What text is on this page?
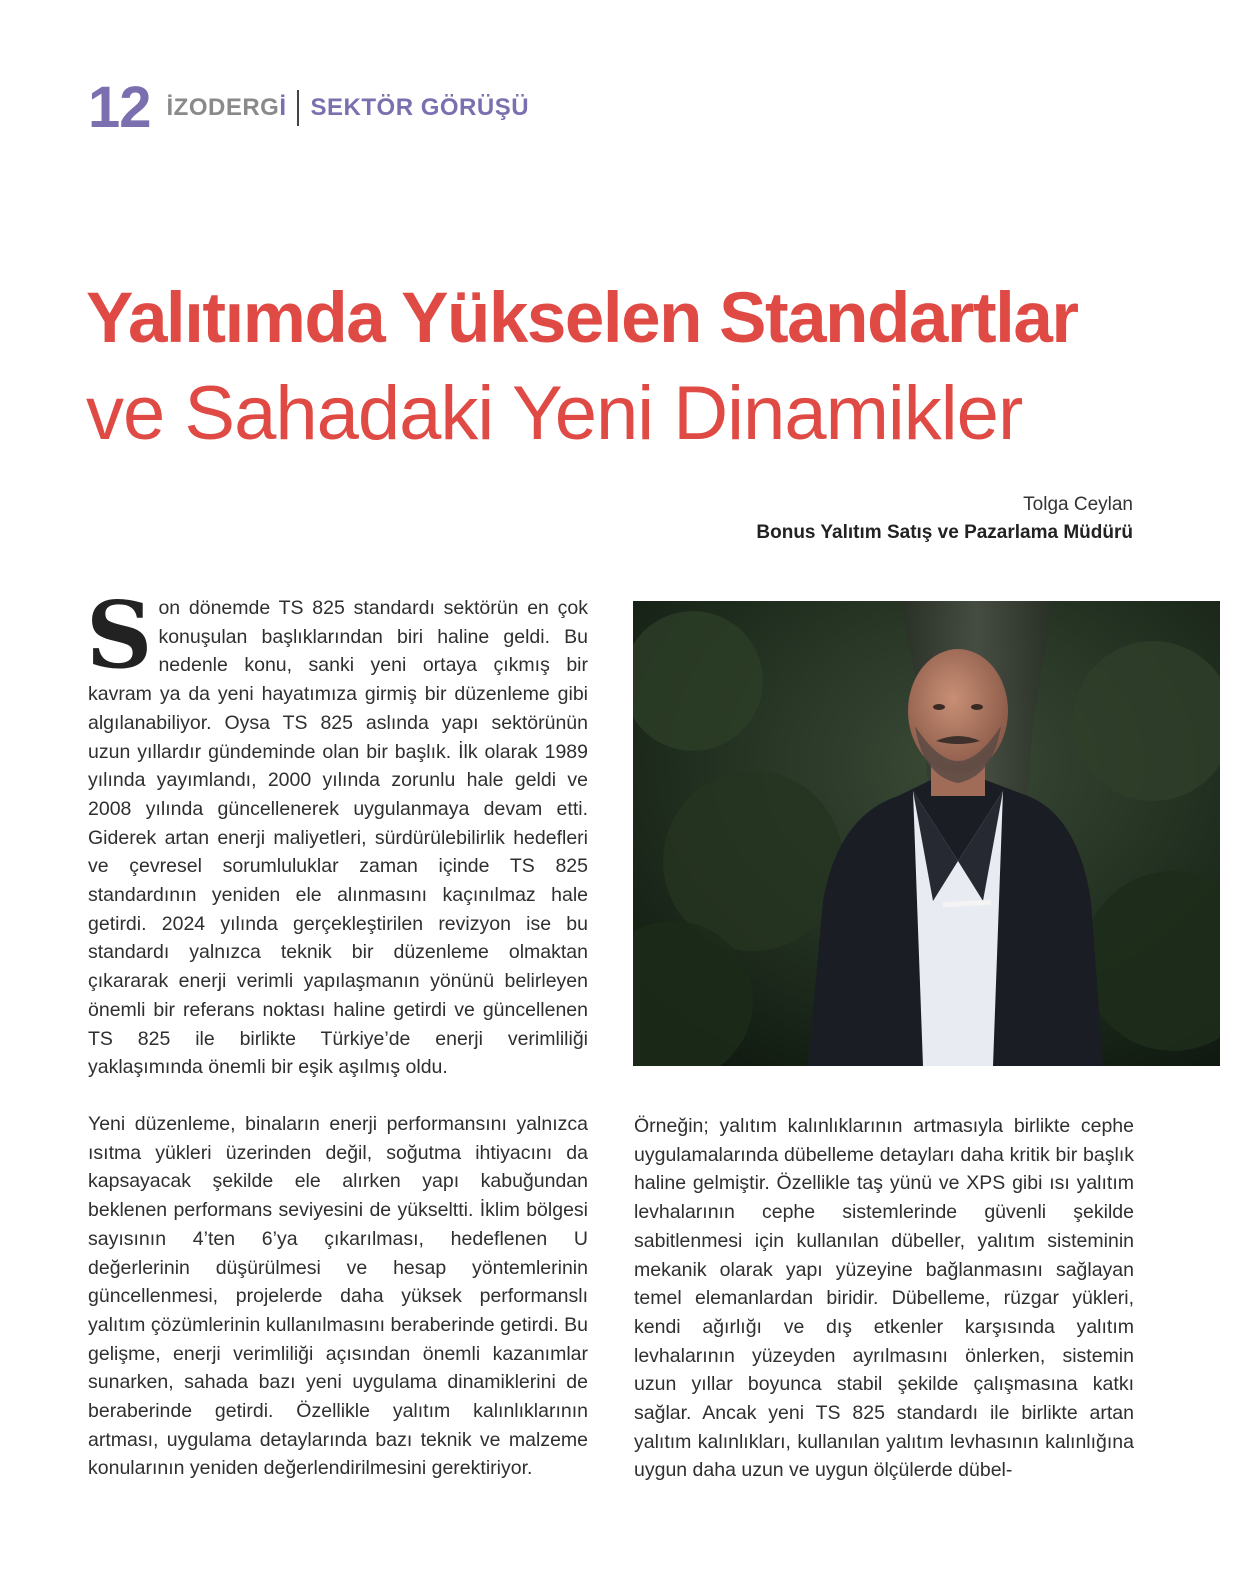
12 İZODERGİ SEKTÖR GÖRÜŞÜ
Yalıtımda Yükselen Standartlar
ve Sahadaki Yeni Dinamikler
Tolga Ceylan
Bonus Yalıtım Satış ve Pazarlama Müdürü
S on dönemde TS 825 standardı sektörün en çok konuşulan başlıklarından biri haline geldi. Bu nedenle konu, sanki yeni ortaya çıkmış bir kavram ya da yeni hayatımıza girmiş bir düzenleme gibi algılanabiliyor. Oysa TS 825 aslında yapı sektörünün uzun yıllardır gündeminde olan bir başlık. İlk olarak 1989 yılında yayımlandı, 2000 yılında zorunlu hale geldi ve 2008 yılında güncellenerek uygulanmaya devam etti. Giderek artan enerji maliyetleri, sürdürülebilirlik hedefleri ve çevresel sorumluluklar zaman içinde TS 825 standardının yeniden ele alınmasını kaçınılmaz hale getirdi. 2024 yılında gerçekleştirilen revizyon ise bu standardı yalnızca teknik bir düzenleme olmaktan çıkararak enerji verimli yapılaşmanın yönünü belirleyen önemli bir referans noktası haline getirdi ve güncellenen TS 825 ile birlikte Türkiye’de enerji verimliliği yaklaşımında önemli bir eşik aşılmış oldu.
Yeni düzenleme, binaların enerji performansını yalnızca ısıtma yükleri üzerinden değil, soğutma ihtiyacını da kapsayacak şekilde ele alırken yapı kabuğundan beklenen performans seviyesini de yükseltti. İklim bölgesi sayısının 4’ten 6’ya çıkarılması, hedeflenen U değerlerinin düşürülmesi ve hesap yöntemlerinin güncellenmesi, projelerde daha yüksek performanslı yalıtım çözümlerinin kullanılmasını beraberinde getirdi. Bu gelişme, enerji verimliliği açısından önemli kazanımlar sunarken, sahada bazı yeni uygulama dinamiklerini de beraberinde getirdi. Özellikle yalıtım kalınlıklarının artması, uygulama detaylarında bazı teknik ve malzeme konularının yeniden değerlendirilmesini gerektiriyor.
Örneğin; yalıtım kalınlıklarının artmasıyla birlikte cephe uygulamalarında dübelleme detayları daha kritik bir başlık haline gelmiştir. Özellikle taş yünü ve XPS gibi ısı yalıtım levhalarının cephe sistemlerinde güvenli şekilde sabitlenmesi için kullanılan dübeller, yalıtım sisteminin mekanik olarak yapı yüzeyine bağlanmasını sağlayan temel elemanlardan biridir. Dübelleme, rüzgar yükleri, kendi ağırlığı ve dış etkenler karşısında yalıtım levhalarının yüzeyden ayrılmasını önlerken, sistemin uzun yıllar boyunca stabil şekilde çalışmasına katkı sağlar. Ancak yeni TS 825 standardı ile birlikte artan yalıtım kalınlıkları, kullanılan yalıtım levhasının kalınlığına uygun daha uzun ve uygun ölçülerde dübel-
